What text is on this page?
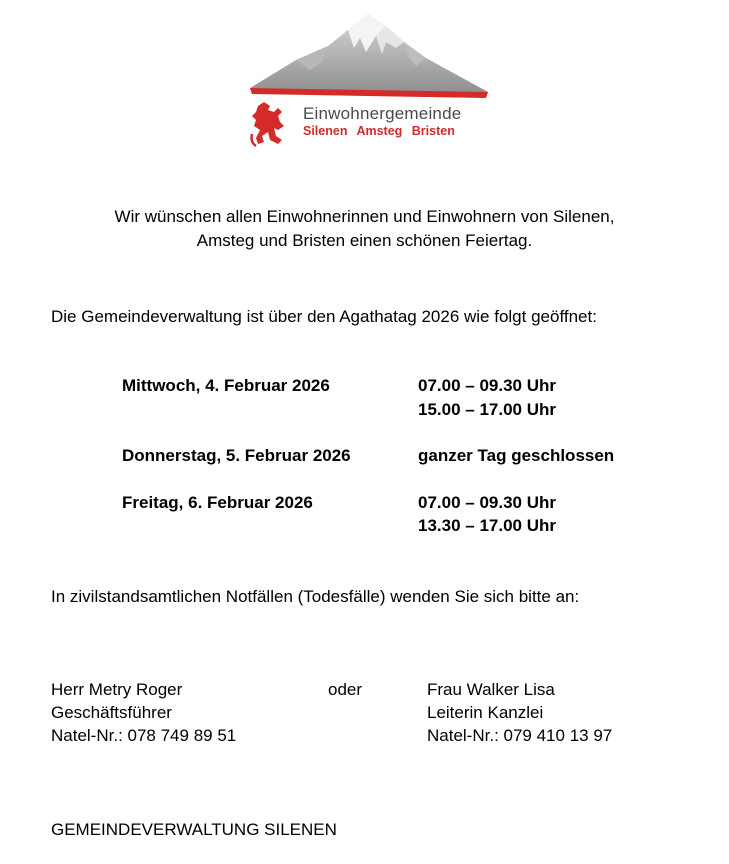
Einwohnergemeinde
Silenen Amsteg Bristen
Wir wünschen allen Einwohnerinnen und Einwohnern von Silenen,
Amsteg und Bristen einen schönen Feiertag.
Die Gemeindeverwaltung ist über den Agathatag 2026 wie folgt geöffnet:
Mittwoch, 4. Februar 2026	07.00 – 09.30 Uhr
15.00 – 17.00 Uhr
Donnerstag, 5. Februar 2026	ganzer Tag geschlossen
Freitag, 6. Februar 2026	07.00 – 09.30 Uhr
13.30 – 17.00 Uhr
In zivilstandsamtlichen Notfällen (Todesfälle) wenden Sie sich bitte an:
Herr Metry Roger
Geschäftsführer
Natel-Nr.: 078 749 89 51
oder	Frau Walker Lisa
Leiterin Kanzlei
Natel-Nr.: 079 410 13 97
GEMEINDEVERWALTUNG SILENEN
